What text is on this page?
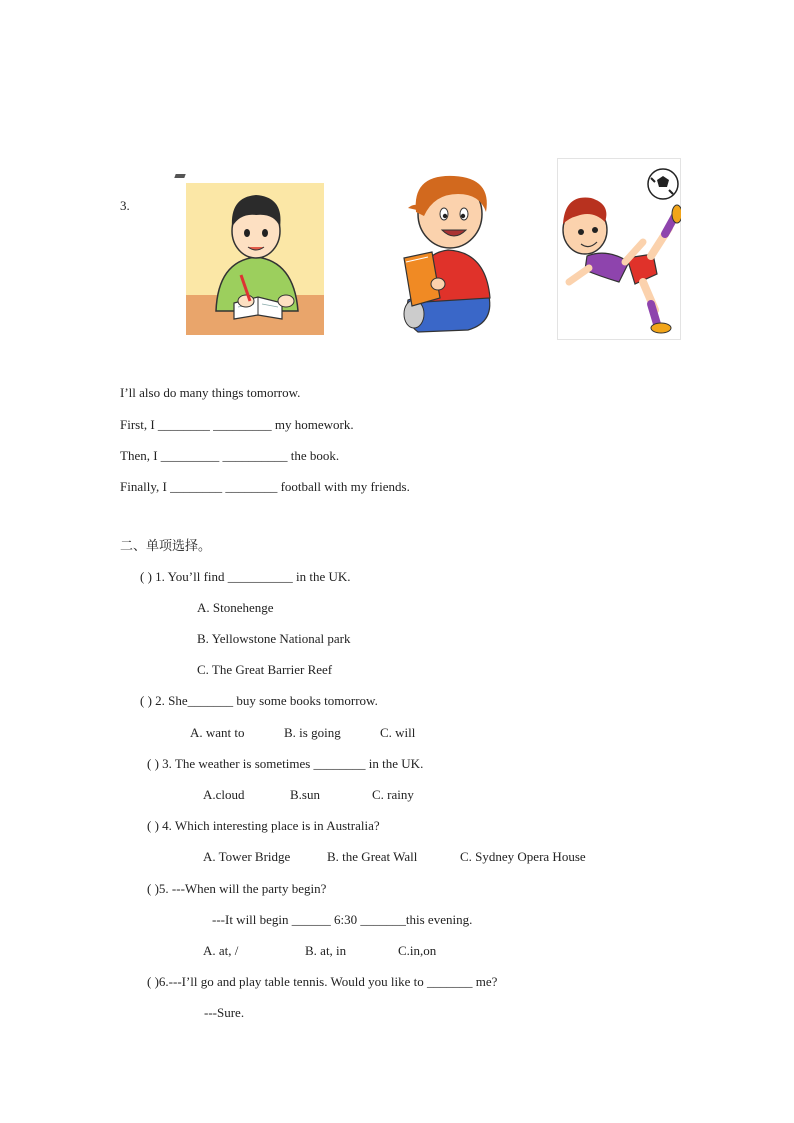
3.
I’ll also do many things tomorrow.
First, I ________ _________ my homework.
Then, I _________ __________ the book.
Finally, I ________ ________ football with my friends.
二、单项选择。
( ) 1. You’ll find __________ in the UK.
A. Stonehenge
B. Yellowstone National park
C. The Great Barrier Reef
( ) 2. She_______ buy some books tomorrow.
A. want to	B. is going	C. will
( ) 3. The weather is sometimes ________ in the UK.
A.cloud	B.sun	C. rainy
( ) 4. Which interesting place is in Australia?
A. Tower Bridge	B. the Great Wall	C. Sydney Opera House
( )5. ---When will the party begin?
---It will begin ______ 6:30 _______this evening.
A. at, /	B. at, in	C.in,on
( )6.---I’ll go and play table tennis. Would you like to _______ me?
---Sure.
